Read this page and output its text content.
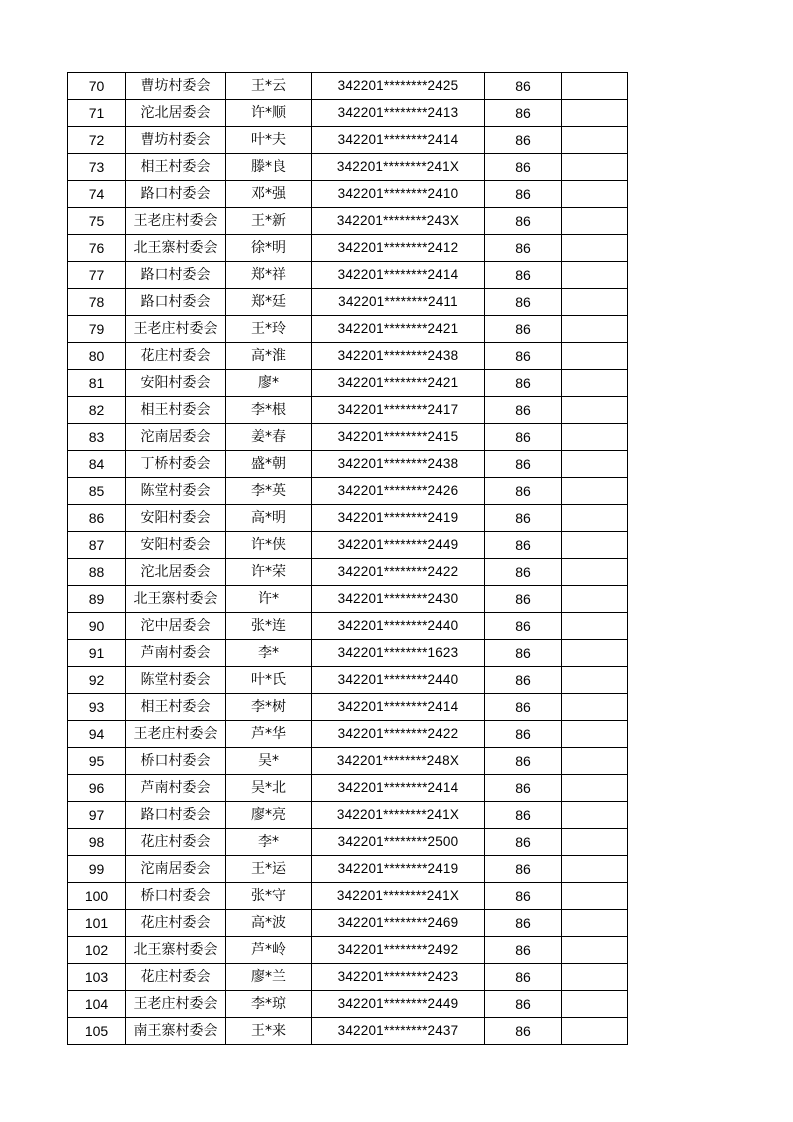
70	曹坊村委会	王*云	342201********2425	86	
71	沱北居委会	许*顺	342201********2413	86	
72	曹坊村委会	叶*夫	342201********2414	86	
73	相王村委会	滕*良	342201********241X	86	
74	路口村委会	邓*强	342201********2410	86	
75	王老庄村委会	王*新	342201********243X	86	
76	北王寨村委会	徐*明	342201********2412	86	
77	路口村委会	郑*祥	342201********2414	86	
78	路口村委会	郑*廷	342201********2411	86	
79	王老庄村委会	王*玲	342201********2421	86	
80	花庄村委会	高*淮	342201********2438	86	
81	安阳村委会	廖*	342201********2421	86	
82	相王村委会	李*根	342201********2417	86	
83	沱南居委会	姜*春	342201********2415	86	
84	丁桥村委会	盛*朝	342201********2438	86	
85	陈堂村委会	李*英	342201********2426	86	
86	安阳村委会	高*明	342201********2419	86	
87	安阳村委会	许*侠	342201********2449	86	
88	沱北居委会	许*荣	342201********2422	86	
89	北王寨村委会	许*	342201********2430	86	
90	沱中居委会	张*连	342201********2440	86	
91	芦南村委会	李*	342201********1623	86	
92	陈堂村委会	叶*氏	342201********2440	86	
93	相王村委会	李*树	342201********2414	86	
94	王老庄村委会	芦*华	342201********2422	86	
95	桥口村委会	吴*	342201********248X	86	
96	芦南村委会	吴*北	342201********2414	86	
97	路口村委会	廖*亮	342201********241X	86	
98	花庄村委会	李*	342201********2500	86	
99	沱南居委会	王*运	342201********2419	86	
100	桥口村委会	张*守	342201********241X	86	
101	花庄村委会	高*波	342201********2469	86	
102	北王寨村委会	芦*岭	342201********2492	86	
103	花庄村委会	廖*兰	342201********2423	86	
104	王老庄村委会	李*琼	342201********2449	86	
105	南王寨村委会	王*来	342201********2437	86	
